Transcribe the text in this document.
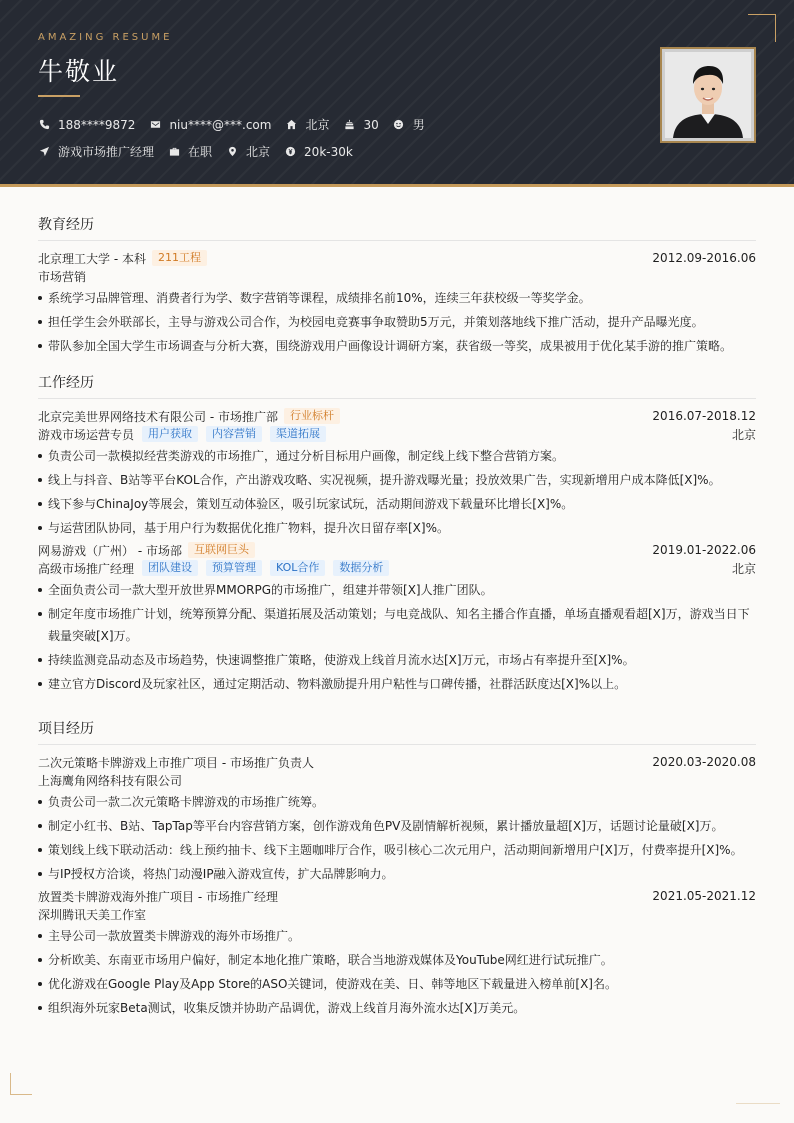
AMAZING RESUME
牛敬业
188****9872	niu****@***.com	北京	30	男
游戏市场推广经理	在职	北京	20k-30k
教育经历
北京理工大学 - 本科	211工程	2012.09-2016.06
市场营销
系统学习品牌管理、消费者行为学、数字营销等课程，成绩排名前10%，连续三年获校级一等奖学金。
担任学生会外联部长，主导与游戏公司合作，为校园电竞赛事争取赞助5万元，并策划落地线下推广活动，提升产品曝光度。
带队参加全国大学生市场调查与分析大赛，围绕游戏用户画像设计调研方案，获省级一等奖，成果被用于优化某手游的推广策略。
工作经历
北京完美世界网络技术有限公司 - 市场推广部	行业标杆	2016.07-2018.12
游戏市场运营专员	用户获取	内容营销	渠道拓展	北京
负责公司一款模拟经营类游戏的市场推广，通过分析目标用户画像，制定线上线下整合营销方案。
线上与抖音、B站等平台KOL合作，产出游戏攻略、实况视频，提升游戏曝光量；投放效果广告，实现新增用户成本降低[X]%。
线下参与ChinaJoy等展会，策划互动体验区，吸引玩家试玩，活动期间游戏下载量环比增长[X]%。
与运营团队协同，基于用户行为数据优化推广物料，提升次日留存率[X]%。
网易游戏（广州） - 市场部	互联网巨头	2019.01-2022.06
高级市场推广经理	团队建设	预算管理	KOL合作	数据分析	北京
全面负责公司一款大型开放世界MMORPG的市场推广，组建并带领[X]人推广团队。
制定年度市场推广计划，统筹预算分配、渠道拓展及活动策划；与电竞战队、知名主播合作直播，单场直播观看超[X]万，游戏当日下载量突破[X]万。
持续监测竞品动态及市场趋势，快速调整推广策略，使游戏上线首月流水达[X]万元，市场占有率提升至[X]%。
建立官方Discord及玩家社区，通过定期活动、物料激励提升用户粘性与口碑传播，社群活跃度达[X]%以上。
项目经历
二次元策略卡牌游戏上市推广项目 - 市场推广负责人	2020.03-2020.08
上海鹰角网络科技有限公司
负责公司一款二次元策略卡牌游戏的市场推广统筹。
制定小红书、B站、TapTap等平台内容营销方案，创作游戏角色PV及剧情解析视频，累计播放量超[X]万，话题讨论量破[X]万。
策划线上线下联动活动：线上预约抽卡、线下主题咖啡厅合作，吸引核心二次元用户，活动期间新增用户[X]万，付费率提升[X]%。
与IP授权方洽谈，将热门动漫IP融入游戏宣传，扩大品牌影响力。
放置类卡牌游戏海外推广项目 - 市场推广经理	2021.05-2021.12
深圳腾讯天美工作室
主导公司一款放置类卡牌游戏的海外市场推广。
分析欧美、东南亚市场用户偏好，制定本地化推广策略，联合当地游戏媒体及YouTube网红进行试玩推广。
优化游戏在Google Play及App Store的ASO关键词，使游戏在美、日、韩等地区下载量进入榜单前[X]名。
组织海外玩家Beta测试，收集反馈并协助产品调优，游戏上线首月海外流水达[X]万美元。
